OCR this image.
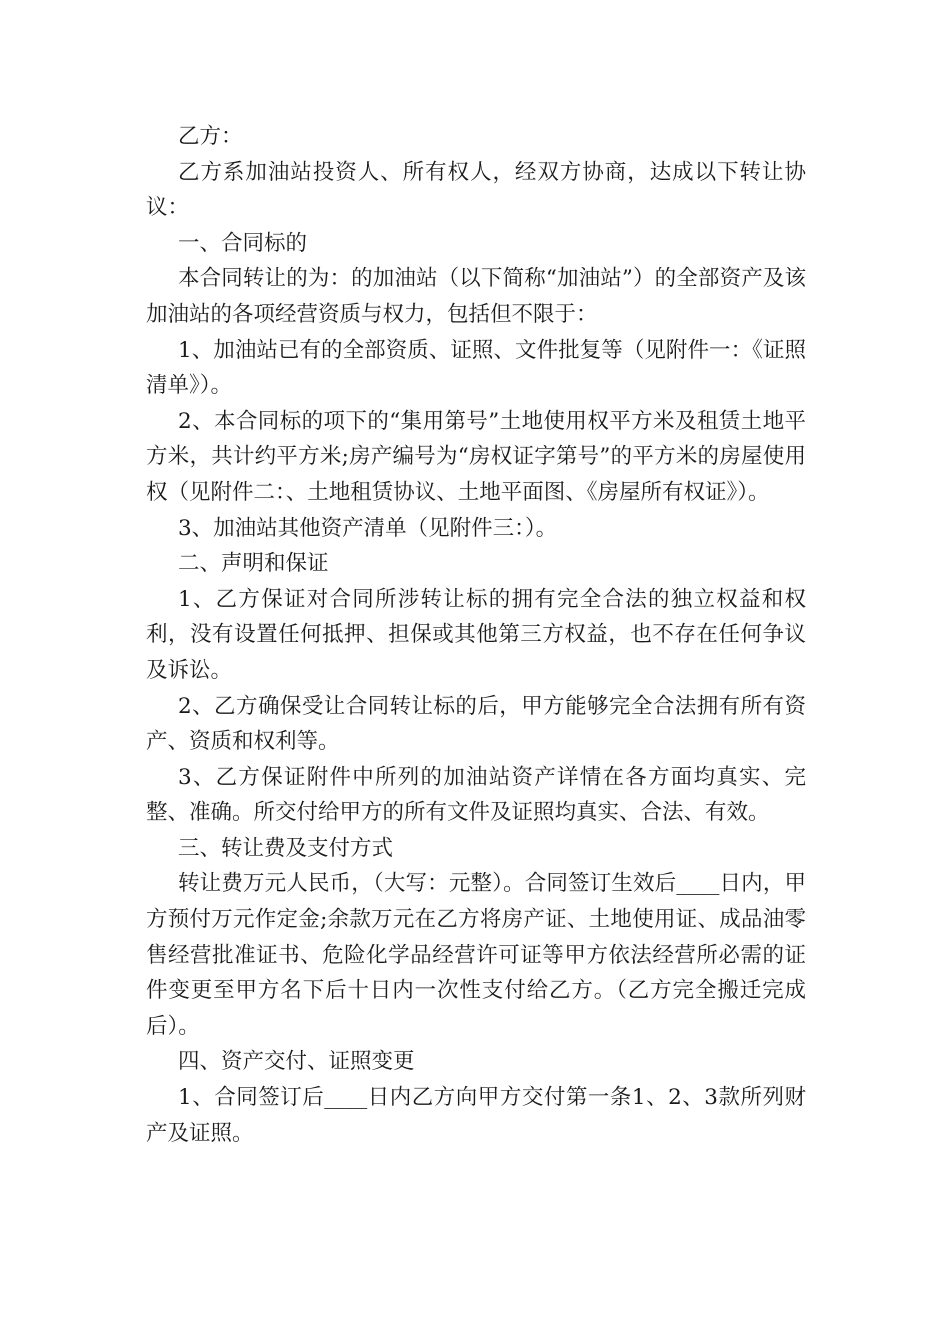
乙方：

乙方系加油站投资人、所有权人，经双方协商，达成以下转让协议：

一、合同标的

本合同转让的为：的加油站（以下简称“加油站”）的全部资产及该加油站的各项经营资质与权力，包括但不限于：

1、加油站已有的全部资质、证照、文件批复等（见附件一：《证照清单》）。

2、本合同标的项下的“集用第号”土地使用权平方米及租赁土地平方米，共计约平方米;房产编号为“房权证字第号”的平方米的房屋使用权（见附件二：、土地租赁协议、土地平面图、《房屋所有权证》）。

3、加油站其他资产清单（见附件三：）。

二、声明和保证

1、乙方保证对合同所涉转让标的拥有完全合法的独立权益和权利，没有设置任何抵押、担保或其他第三方权益，也不存在任何争议及诉讼。

2、乙方确保受让合同转让标的后，甲方能够完全合法拥有所有资产、资质和权利等。

3、乙方保证附件中所列的加油站资产详情在各方面均真实、完整、准确。所交付给甲方的所有文件及证照均真实、合法、有效。

三、转让费及支付方式

转让费万元人民币，（大写：元整）。合同签订生效后____日内，甲方预付万元作定金;余款万元在乙方将房产证、土地使用证、成品油零售经营批准证书、危险化学品经营许可证等甲方依法经营所必需的证件变更至甲方名下后十日内一次性支付给乙方。（乙方完全搬迁完成后）。

四、资产交付、证照变更

1、合同签订后____日内乙方向甲方交付第一条1、2、3款所列财产及证照。
